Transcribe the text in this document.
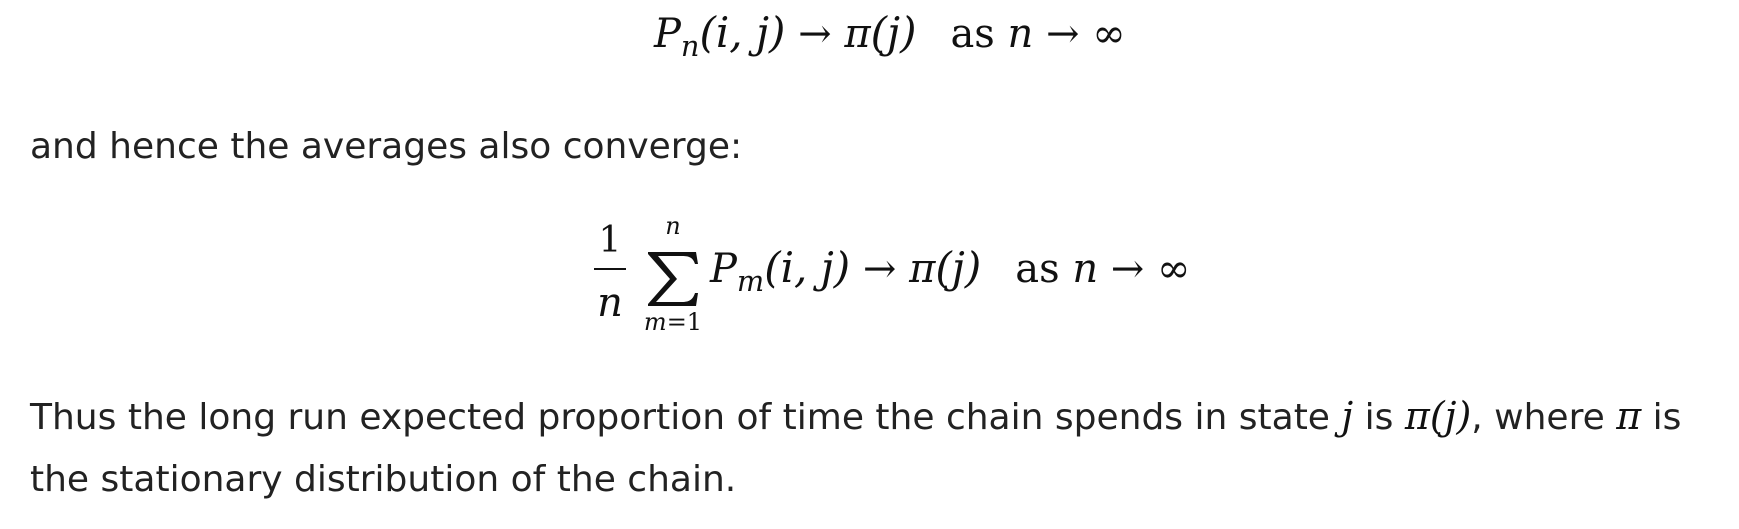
$P_n(i$, j) → π(j) as n → ∞
and hence the averages also converge:
1
n
n
m=1
$P_m(i$, j) → π(j) as n → ∞
Thus the long run expected proportion of time the chain spends in state j is π(j), where π is the stationary distribution of the chain.
